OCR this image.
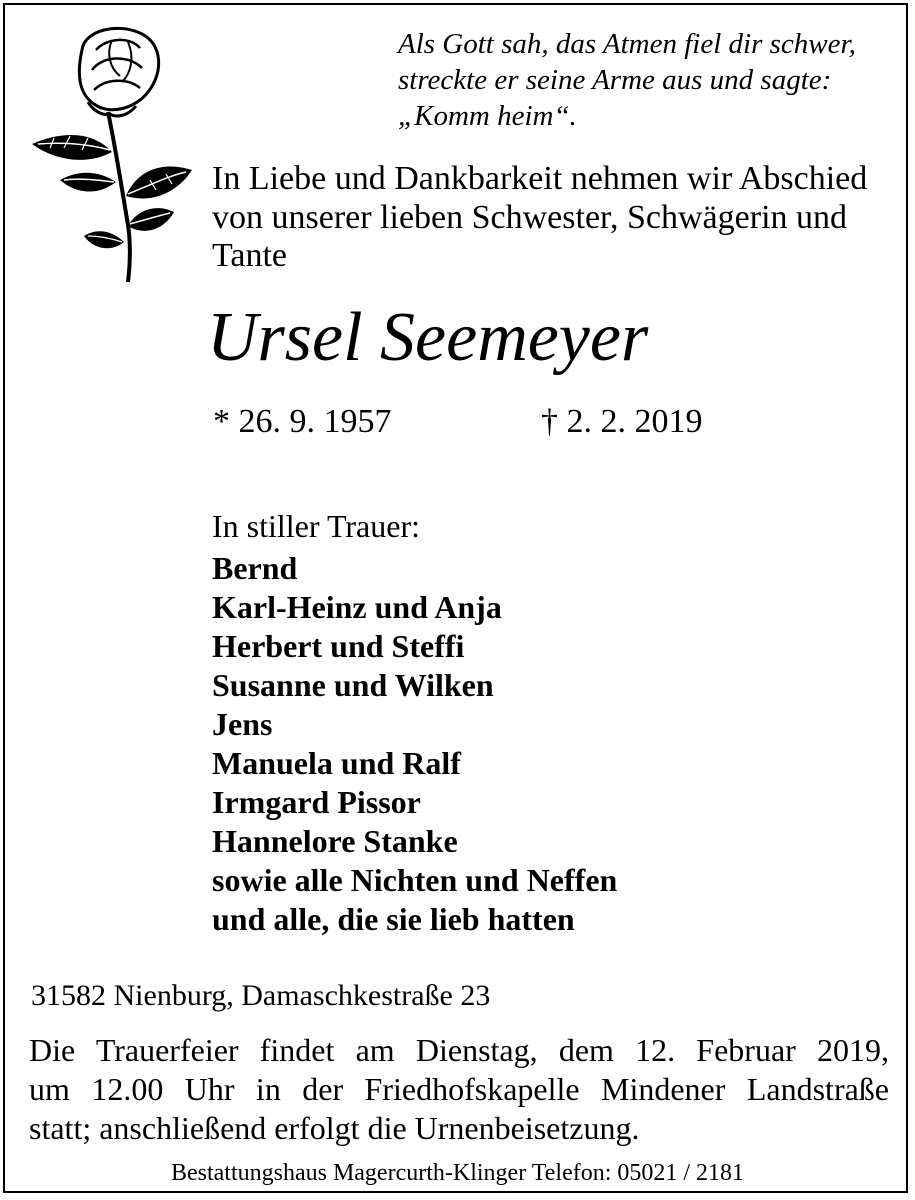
Als Gott sah, das Atmen fiel dir schwer,
streckte er seine Arme aus und sagte:
„Komm heim“.
In Liebe und Dankbarkeit nehmen wir Abschied
von unserer lieben Schwester, Schwägerin und
Tante
Ursel Seemeyer
* 26. 9. 1957	† 2. 2. 2019
In stiller Trauer:
Bernd
Karl-Heinz und Anja
Herbert und Steffi
Susanne und Wilken
Jens
Manuela und Ralf
Irmgard Pissor
Hannelore Stanke
sowie alle Nichten und Neffen
und alle, die sie lieb hatten
31582 Nienburg, Damaschkestraße 23
Die Trauerfeier findet am Dienstag, dem 12. Februar 2019,
um 12.00 Uhr in der Friedhofskapelle Mindener Landstraße
statt; anschließend erfolgt die Urnenbeisetzung.
Bestattungshaus Magercurth-Klinger Telefon: 05021 / 2181
